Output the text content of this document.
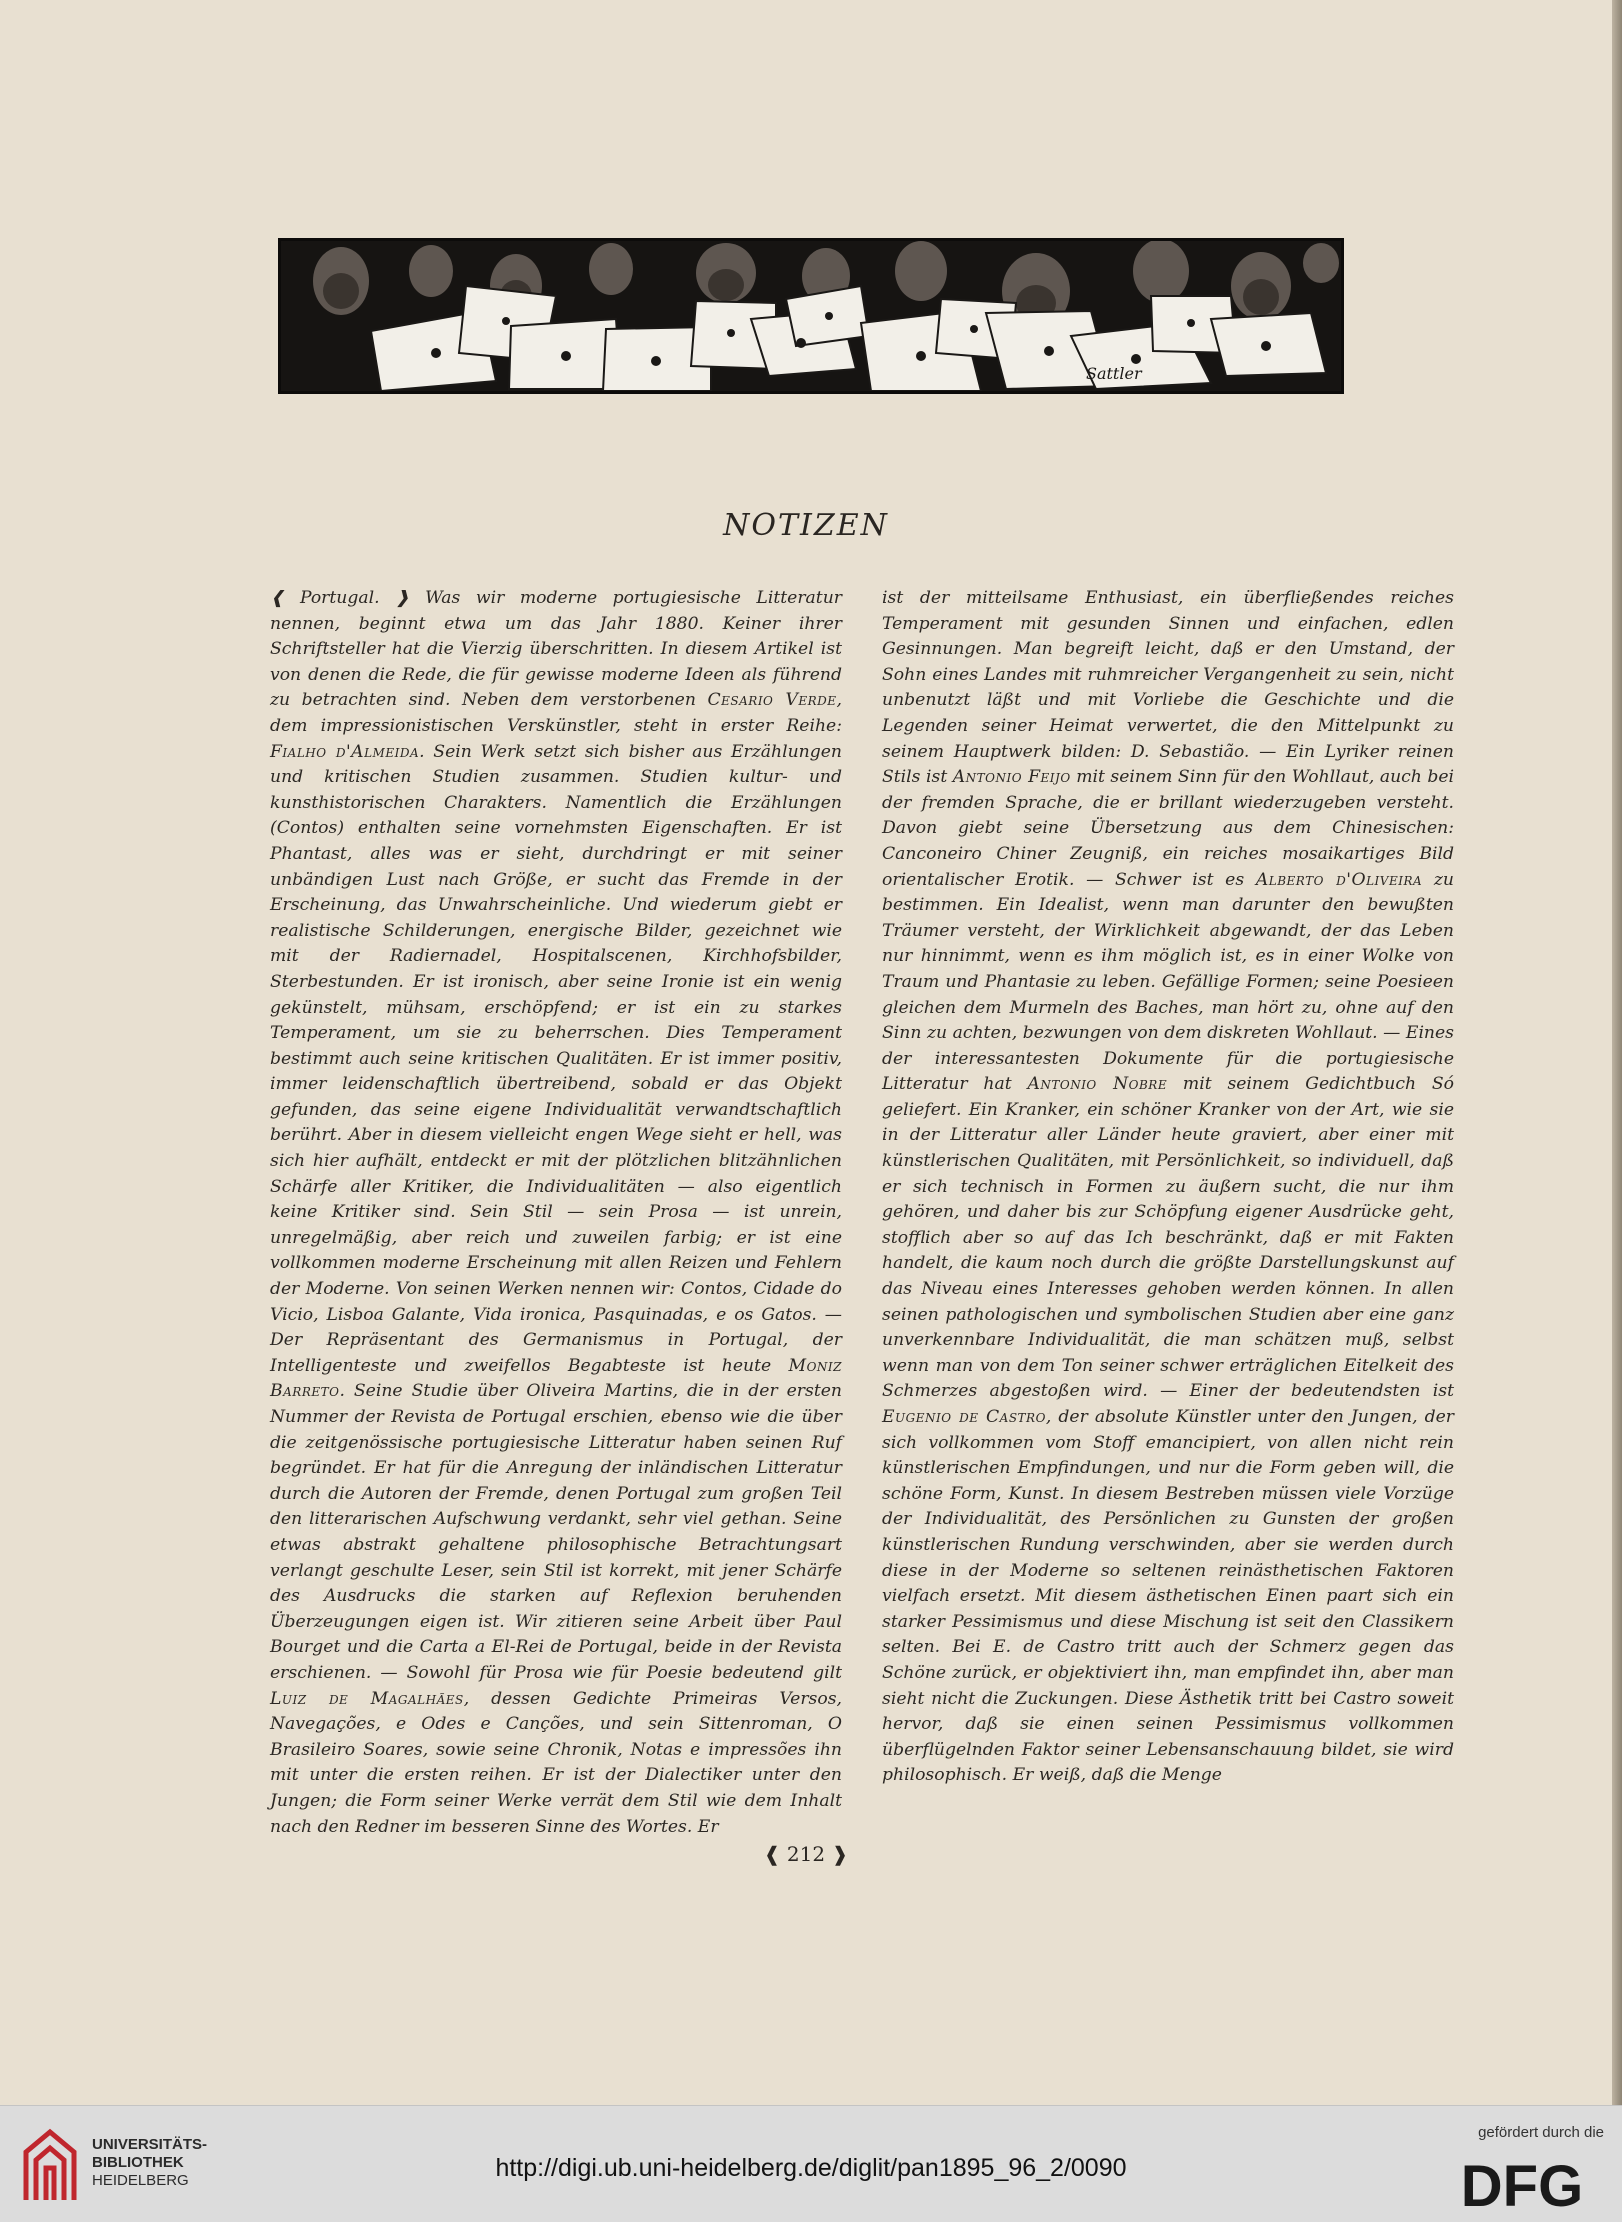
Sattler
NOTIZEN

❰ Portugal. ❱ Was wir moderne portugiesische Litteratur nennen, beginnt etwa um das Jahr 1880. Keiner ihrer Schriftsteller hat die Vierzig überschritten. In diesem Artikel ist von denen die Rede, die für gewisse moderne Ideen als führend zu betrachten sind. Neben dem verstorbenen Cesario Verde, dem impressionistischen Verskünstler, steht in erster Reihe: Fialho d'Almeida. Sein Werk setzt sich bisher aus Erzählungen und kritischen Studien zusammen. Studien kultur- und kunsthistorischen Charakters. Namentlich die Erzählungen (Contos) enthalten seine vornehmsten Eigenschaften. Er ist Phantast, alles was er sieht, durchdringt er mit seiner unbändigen Lust nach Größe, er sucht das Fremde in der Erscheinung, das Unwahrscheinliche. Und wiederum giebt er realistische Schilderungen, energische Bilder, gezeichnet wie mit der Radiernadel, Hospitalscenen, Kirchhofsbilder, Sterbestunden. Er ist ironisch, aber seine Ironie ist ein wenig gekünstelt, mühsam, erschöpfend; er ist ein zu starkes Temperament, um sie zu beherrschen. Dies Temperament bestimmt auch seine kritischen Qualitäten. Er ist immer positiv, immer leidenschaftlich übertreibend, sobald er das Objekt gefunden, das seine eigene Individualität verwandtschaftlich berührt. Aber in diesem vielleicht engen Wege sieht er hell, was sich hier aufhält, entdeckt er mit der plötzlichen blitzähnlichen Schärfe aller Kritiker, die Individualitäten — also eigentlich keine Kritiker sind. Sein Stil — sein Prosa — ist unrein, unregelmäßig, aber reich und zuweilen farbig; er ist eine vollkommen moderne Erscheinung mit allen Reizen und Fehlern der Moderne. Von seinen Werken nennen wir: Contos, Cidade do Vicio, Lisboa Galante, Vida ironica, Pasquinadas, e os Gatos. — Der Repräsentant des Germanismus in Portugal, der Intelligenteste und zweifellos Begabteste ist heute Moniz Barreto. Seine Studie über Oliveira Martins, die in der ersten Nummer der Revista de Portugal erschien, ebenso wie die über die zeitgenössische portugiesische Litteratur haben seinen Ruf begründet. Er hat für die Anregung der inländischen Litteratur durch die Autoren der Fremde, denen Portugal zum großen Teil den litterarischen Aufschwung verdankt, sehr viel gethan. Seine etwas abstrakt gehaltene philosophische Betrachtungsart verlangt geschulte Leser, sein Stil ist korrekt, mit jener Schärfe des Ausdrucks die starken auf Reflexion beruhenden Überzeugungen eigen ist. Wir zitieren seine Arbeit über Paul Bourget und die Carta a El-Rei de Portugal, beide in der Revista erschienen. — Sowohl für Prosa wie für Poesie bedeutend gilt Luiz de Magalhães, dessen Gedichte Primeiras Versos, Navegações, e Odes e Canções, und sein Sittenroman, O Brasileiro Soares, sowie seine Chronik, Notas e impressões ihn mit unter die ersten reihen. Er ist der Dialectiker unter den Jungen; die Form seiner Werke verrät dem Stil wie dem Inhalt nach den Redner im besseren Sinne des Wortes. Er

ist der mitteilsame Enthusiast, ein überfließendes reiches Temperament mit gesunden Sinnen und einfachen, edlen Gesinnungen. Man begreift leicht, daß er den Umstand, der Sohn eines Landes mit ruhmreicher Vergangenheit zu sein, nicht unbenutzt läßt und mit Vorliebe die Geschichte und die Legenden seiner Heimat verwertet, die den Mittelpunkt zu seinem Hauptwerk bilden: D. Sebastião. — Ein Lyriker reinen Stils ist Antonio Feijo mit seinem Sinn für den Wohllaut, auch bei der fremden Sprache, die er brillant wiederzugeben versteht. Davon giebt seine Übersetzung aus dem Chinesischen: Canconeiro Chiner Zeugniß, ein reiches mosaikartiges Bild orientalischer Erotik. — Schwer ist es Alberto d'Oliveira zu bestimmen. Ein Idealist, wenn man darunter den bewußten Träumer versteht, der Wirklichkeit abgewandt, der das Leben nur hinnimmt, wenn es ihm möglich ist, es in einer Wolke von Traum und Phantasie zu leben. Gefällige Formen; seine Poesieen gleichen dem Murmeln des Baches, man hört zu, ohne auf den Sinn zu achten, bezwungen von dem diskreten Wohllaut. — Eines der interessantesten Dokumente für die portugiesische Litteratur hat Antonio Nobre mit seinem Gedichtbuch Só geliefert. Ein Kranker, ein schöner Kranker von der Art, wie sie in der Litteratur aller Länder heute graviert, aber einer mit künstlerischen Qualitäten, mit Persönlichkeit, so individuell, daß er sich technisch in Formen zu äußern sucht, die nur ihm gehören, und daher bis zur Schöpfung eigener Ausdrücke geht, stofflich aber so auf das Ich beschränkt, daß er mit Fakten handelt, die kaum noch durch die größte Darstellungskunst auf das Niveau eines Interesses gehoben werden können. In allen seinen pathologischen und symbolischen Studien aber eine ganz unverkennbare Individualität, die man schätzen muß, selbst wenn man von dem Ton seiner schwer erträglichen Eitelkeit des Schmerzes abgestoßen wird. — Einer der bedeutendsten ist Eugenio de Castro, der absolute Künstler unter den Jungen, der sich vollkommen vom Stoff emancipiert, von allen nicht rein künstlerischen Empfindungen, und nur die Form geben will, die schöne Form, Kunst. In diesem Bestreben müssen viele Vorzüge der Individualität, des Persönlichen zu Gunsten der großen künstlerischen Rundung verschwinden, aber sie werden durch diese in der Moderne so seltenen reinästhetischen Faktoren vielfach ersetzt. Mit diesem ästhetischen Einen paart sich ein starker Pessimismus und diese Mischung ist seit den Classikern selten. Bei E. de Castro tritt auch der Schmerz gegen das Schöne zurück, er objektiviert ihn, man empfindet ihn, aber man sieht nicht die Zuckungen. Diese Ästhetik tritt bei Castro soweit hervor, daß sie einen seinen Pessimismus vollkommen überflügelnden Faktor seiner Lebensanschauung bildet, sie wird philosophisch. Er weiß, daß die Menge

❰ 212 ❱
UNIVERSITÄTS-
BIBLIOTHEK
HEIDELBERG	http://digi.ub.uni-heidelberg.de/diglit/pan1895_96_2/0090
gefördert durch die
DFG
